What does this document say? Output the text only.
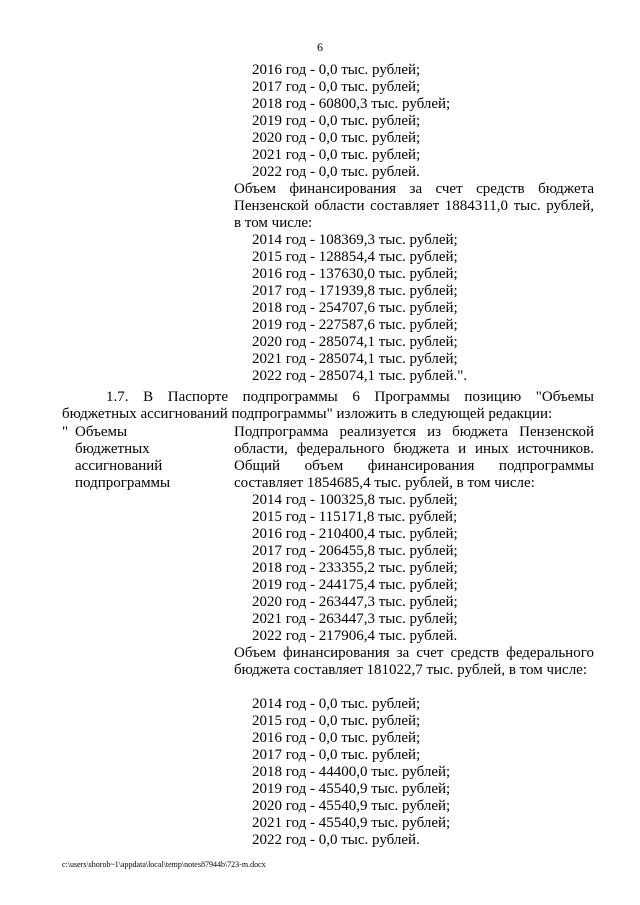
6
2016 год - 0,0 тыс. рублей;
2017 год - 0,0 тыс. рублей;
2018 год - 60800,3 тыс. рублей;
2019 год - 0,0 тыс. рублей;
2020 год - 0,0 тыс. рублей;
2021 год - 0,0 тыс. рублей;
2022 год - 0,0 тыс. рублей.
Объем финансирования за счет средств бюджета Пензенской области составляет 1884311,0 тыс. рублей, в том числе:
2014 год - 108369,3 тыс. рублей;
2015 год - 128854,4 тыс. рублей;
2016 год - 137630,0 тыс. рублей;
2017 год - 171939,8 тыс. рублей;
2018 год - 254707,6 тыс. рублей;
2019 год - 227587,6 тыс. рублей;
2020 год - 285074,1 тыс. рублей;
2021 год - 285074,1 тыс. рублей;
2022 год - 285074,1 тыс. рублей.".
1.7. В Паспорте подпрограммы 6 Программы позицию "Объемы бюджетных ассигнований подпрограммы" изложить в следующей редакции:
" Объемы
бюджетных
ассигнований
подпрограммы
Подпрограмма реализуется из бюджета Пензенской области, федерального бюджета и иных источников. Общий объем финансирования подпрограммы составляет 1854685,4 тыс. рублей, в том числе:
2014 год - 100325,8 тыс. рублей;
2015 год - 115171,8 тыс. рублей;
2016 год - 210400,4 тыс. рублей;
2017 год - 206455,8 тыс. рублей;
2018 год - 233355,2 тыс. рублей;
2019 год - 244175,4 тыс. рублей;
2020 год - 263447,3 тыс. рублей;
2021 год - 263447,3 тыс. рублей;
2022 год - 217906,4 тыс. рублей.
Объем финансирования за счет средств федерального бюджета составляет 181022,7 тыс. рублей, в том числе:
2014 год - 0,0 тыс. рублей;
2015 год - 0,0 тыс. рублей;
2016 год - 0,0 тыс. рублей;
2017 год - 0,0 тыс. рублей;
2018 год - 44400,0 тыс. рублей;
2019 год - 45540,9 тыс. рублей;
2020 год - 45540,9 тыс. рублей;
2021 год - 45540,9 тыс. рублей;
2022 год - 0,0 тыс. рублей.
c:\users\shorob~1\appdata\local\temp\notes87944b\723-m.docx
